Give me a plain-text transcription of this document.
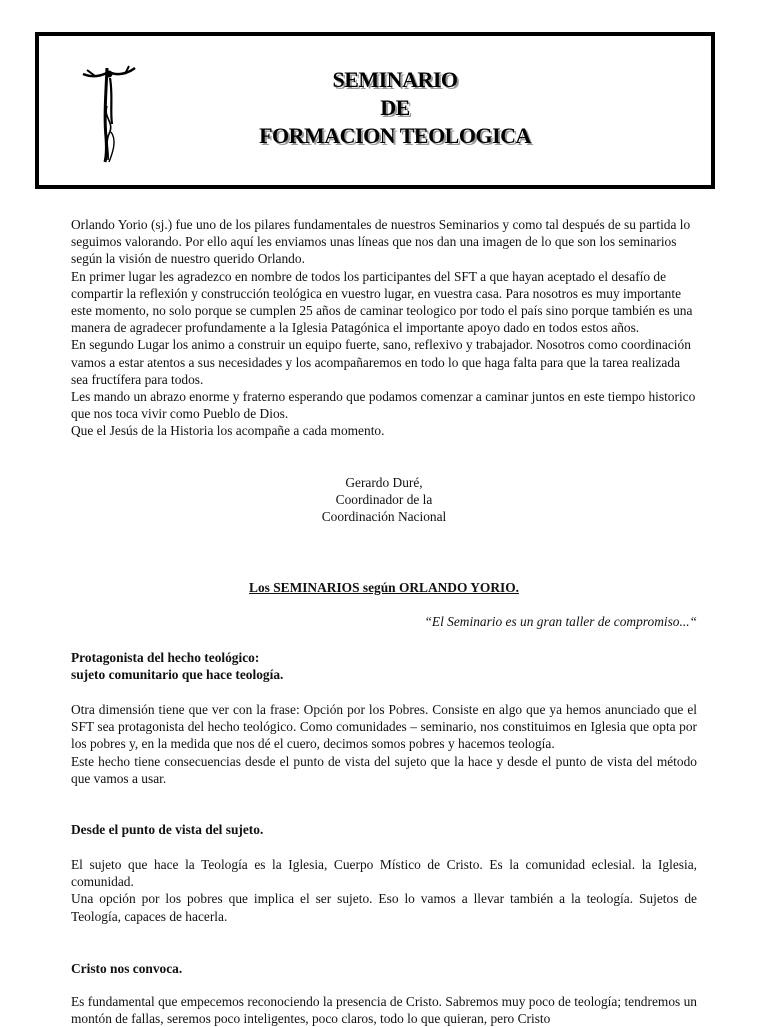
SEMINARIO
DE
FORMACION TEOLOGICA

Orlando Yorio (sj.) fue uno de los pilares fundamentales de nuestros Seminarios y como tal después de su partida lo seguimos valorando. Por ello aquí les enviamos unas líneas que nos dan una imagen de lo que son los seminarios según la visión de nuestro querido Orlando.

En primer lugar les agradezco en nombre de todos los participantes del SFT a que hayan aceptado el desafío de compartir la reflexión y construcción teológica en vuestro lugar, en vuestra casa. Para nosotros es muy importante este momento, no solo porque se cumplen 25 años de caminar teologico por todo el país sino porque también es una manera de agradecer profundamente a la Iglesia Patagónica el importante apoyo dado en todos estos años.

En segundo Lugar los animo a construir un equipo fuerte, sano, reflexivo y trabajador. Nosotros como coordinación vamos a estar atentos a sus necesidades y los acompañaremos en todo lo que haga falta para que la tarea realizada sea fructífera para todos.

Les mando un abrazo enorme y fraterno esperando que podamos comenzar a caminar juntos en este tiempo historico que nos toca vivir como Pueblo de Dios.

Que el Jesús de la Historia los acompañe a cada momento.

Gerardo Duré,

Coordinador de la

Coordinación Nacional

Los SEMINARIOS según ORLANDO YORIO.
“El Seminario es un gran taller de compromiso...“

Protagonista del hecho teológico:

sujeto comunitario que hace teología.

Otra dimensión tiene que ver con la frase: Opción por los Pobres. Consiste en algo que ya hemos anunciado que el SFT sea protagonista del hecho teológico. Como comunidades – seminario, nos constituimos en Iglesia que opta por los pobres y, en la medida que nos dé el cuero, decimos somos pobres y hacemos teología.

Este hecho tiene consecuencias desde el punto de vista del sujeto que la hace y desde el punto de vista del método que vamos a usar.

Desde el punto de vista del sujeto.

El sujeto que hace la Teología es la Iglesia, Cuerpo Místico de Cristo. Es la comunidad eclesial. la Iglesia, comunidad.

Una opción por los pobres que implica el ser sujeto. Eso lo vamos a llevar también a la teología. Sujetos de Teología, capaces de hacerla.

Cristo nos convoca.

Es fundamental que empecemos reconociendo la presencia de Cristo. Sabremos muy poco de teología; tendremos un montón de fallas, seremos poco inteligentes, poco claros, todo lo que quieran, pero Cristo
